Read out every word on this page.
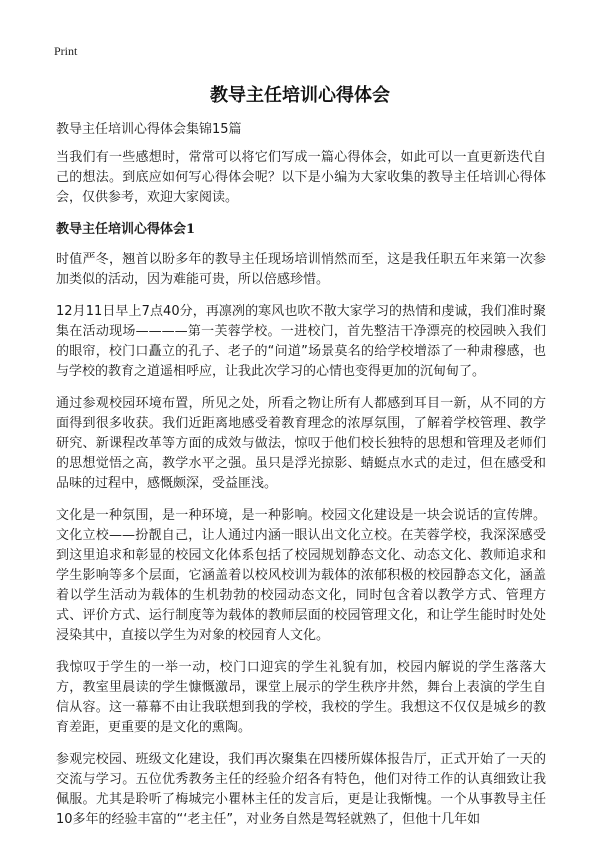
Print
教导主任培训心得体会

教导主任培训心得体会集锦15篇

当我们有一些感想时，常常可以将它们写成一篇心得体会，如此可以一直更新迭代自己的想法。到底应如何写心得体会呢？以下是小编为大家收集的教导主任培训心得体会，仅供参考，欢迎大家阅读。

教导主任培训心得体会1

时值严冬，翘首以盼多年的教导主任现场培训悄然而至，这是我任职五年来第一次参加类似的活动，因为难能可贵，所以倍感珍惜。

12月11日早上7点40分，再凛冽的寒风也吹不散大家学习的热情和虔诚，我们准时聚集在活动现场————第一芙蓉学校。一进校门，首先整洁干净漂亮的校园映入我们的眼帘，校门口矗立的孔子、老子的“问道”场景莫名的给学校增添了一种肃穆感，也与学校的教育之道遥相呼应，让我此次学习的心情也变得更加的沉甸甸了。

通过参观校园环境布置，所见之处，所看之物让所有人都感到耳目一新，从不同的方面得到很多收获。我们近距离地感受着教育理念的浓厚氛围，了解着学校管理、教学研究、新课程改革等方面的成效与做法，惊叹于他们校长独特的思想和管理及老师们的思想觉悟之高，教学水平之强。虽只是浮光掠影、蜻蜓点水式的走过，但在感受和品味的过程中，感慨颇深，受益匪浅。

文化是一种氛围，是一种环境，是一种影响。校园文化建设是一块会说话的宣传牌。文化立校——扮靓自己，让人通过内涵一眼认出文化立校。在芙蓉学校，我深深感受到这里追求和彰显的校园文化体系包括了校园规划静态文化、动态文化、教师追求和学生影响等多个层面，它涵盖着以校风校训为载体的浓郁积极的校园静态文化，涵盖着以学生活动为载体的生机勃勃的校园动态文化，同时包含着以教学方式、管理方式、评价方式、运行制度等为载体的教师层面的校园管理文化，和让学生能时时处处浸染其中，直接以学生为对象的校园育人文化。

我惊叹于学生的一举一动，校门口迎宾的学生礼貌有加，校园内解说的学生落落大方，教室里晨读的学生慷慨激昂，课堂上展示的学生秩序井然，舞台上表演的学生自信从容。这一幕幕不由让我联想到我的学校，我校的学生。我想这不仅仅是城乡的教育差距，更重要的是文化的熏陶。

参观完校园、班级文化建设，我们再次聚集在四楼所媒体报告厅，正式开始了一天的交流与学习。五位优秀教务主任的经验介绍各有特色，他们对待工作的认真细致让我佩服。尤其是聆听了梅城完小瞿林主任的发言后，更是让我惭愧。一个从事教导主任10多年的经验丰富的“‘老主任”，对业务自然是驾轻就熟了，但他十几年如
